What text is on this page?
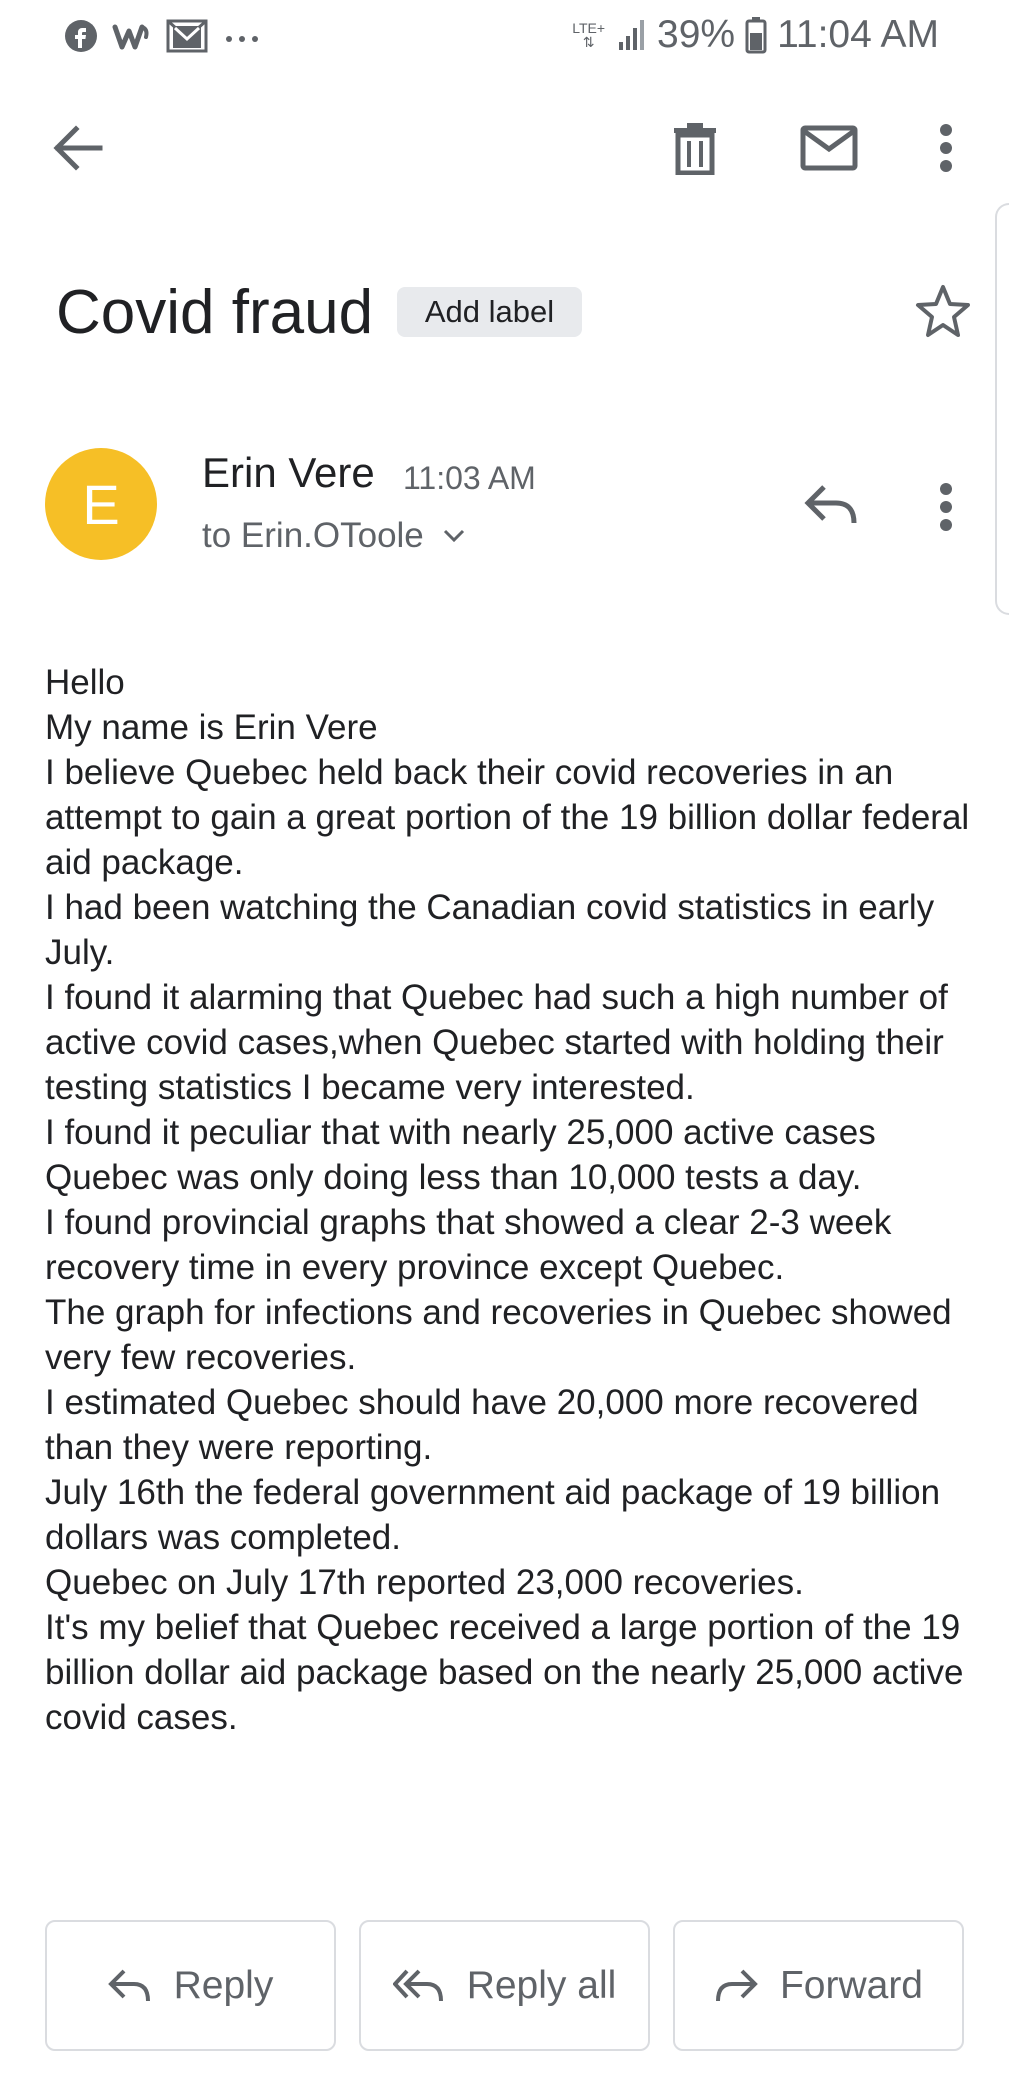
LTE+
⇅ 39% 11:04 AM
Covid fraud	Add label
E	Erin Vere 11:03 AM
to Erin.OToole
Hello
My name is Erin Vere
I believe Quebec held back their covid recoveries in an attempt to gain a great portion of the 19 billion dollar federal aid package.
I had been watching the Canadian covid statistics in early July.
I found it alarming that Quebec had such a high number of active covid cases,when Quebec started with holding their testing statistics I became very interested.
I found it peculiar that with nearly 25,000 active cases Quebec was only doing less than 10,000 tests a day.
I found provincial graphs that showed a clear 2-3 week recovery time in every province except Quebec.
The graph for infections and recoveries in Quebec showed very few recoveries.
I estimated Quebec should have 20,000 more recovered than they were reporting.
July 16th the federal government aid package of 19 billion dollars was completed.
Quebec on July 17th reported 23,000 recoveries.
It's my belief that Quebec received a large portion of the 19 billion dollar aid package based on the nearly 25,000 active covid cases.
Reply	Reply all	Forward
